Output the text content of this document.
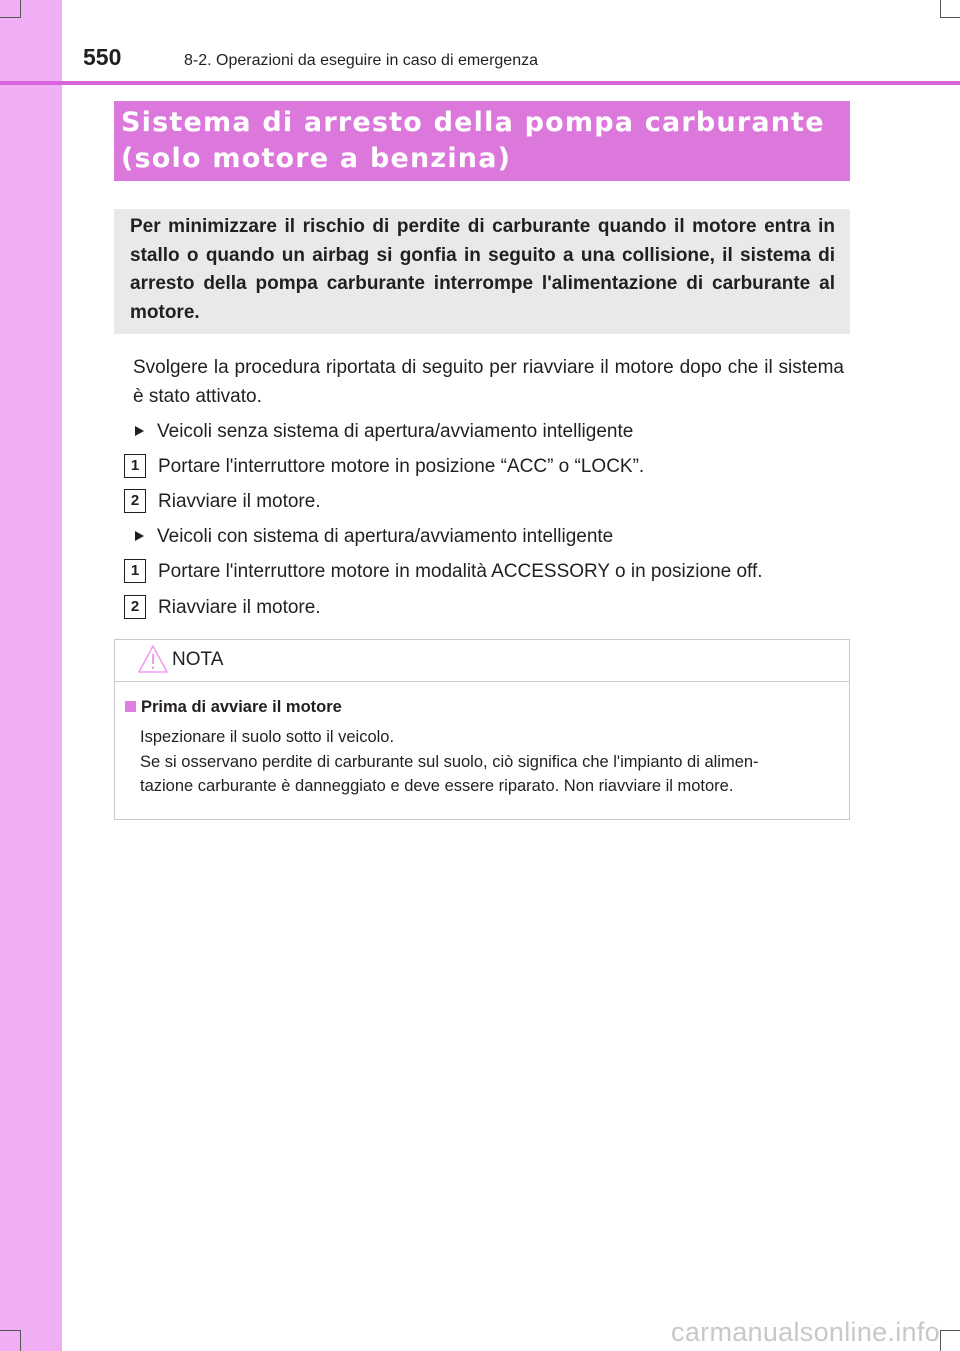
550	8-2. Operazioni da eseguire in caso di emergenza
Sistema di arresto della pompa carburante
(solo motore a benzina)
Per minimizzare il rischio di perdite di carburante quando il motore entra in stallo o quando un airbag si gonfia in seguito a una collisione, il sistema di arresto della pompa carburante interrompe l'alimentazione di carburante al motore.
Svolgere la procedura riportata di seguito per riavviare il motore dopo che il sistema è stato attivato.
Veicoli senza sistema di apertura/avviamento intelligente
1 Portare l'interruttore motore in posizione “ACC” o “LOCK”.
2 Riavviare il motore.
Veicoli con sistema di apertura/avviamento intelligente
1 Portare l'interruttore motore in modalità ACCESSORY o in posizione off.
2 Riavviare il motore.
NOTA
Prima di avviare il motore
Ispezionare il suolo sotto il veicolo.
Se si osservano perdite di carburante sul suolo, ciò significa che l'impianto di alimen-
tazione carburante è danneggiato e deve essere riparato. Non riavviare il motore.
carmanualsonline.info
